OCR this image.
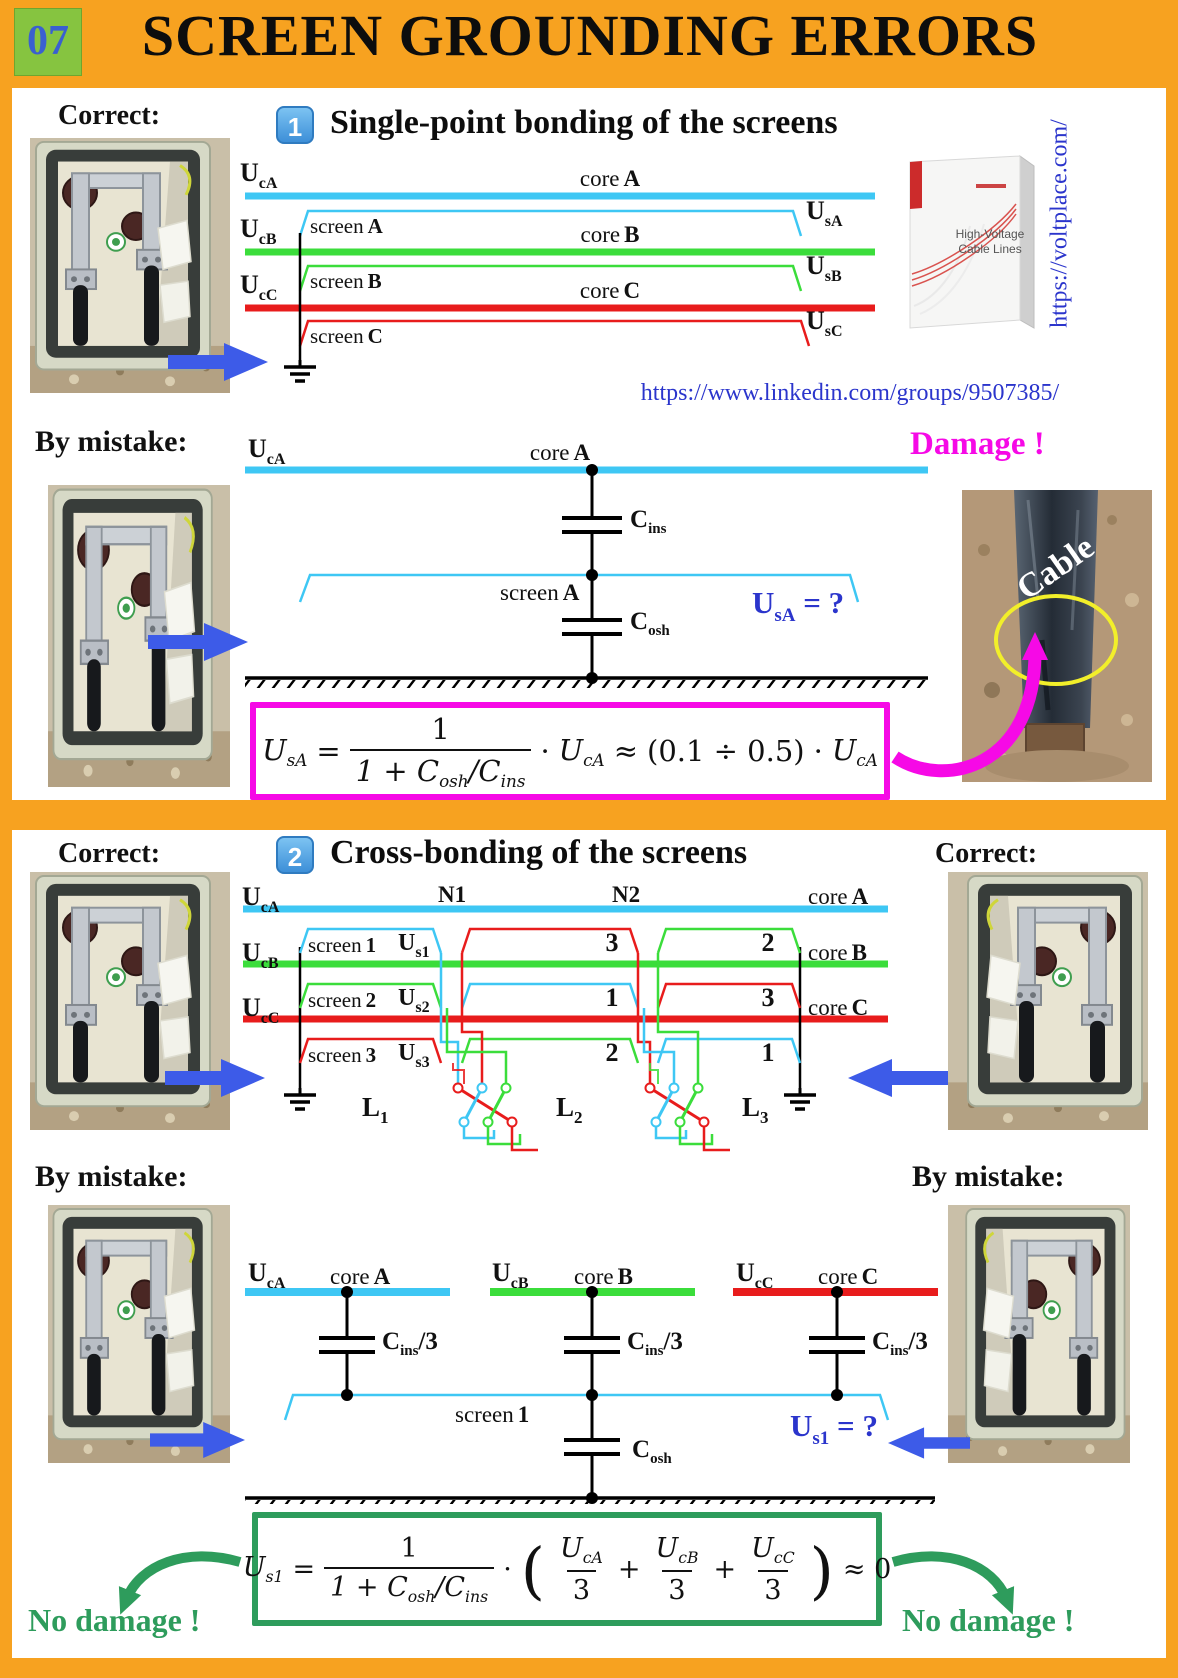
07	SCREEN GROUNDING ERRORS
Correct:	1 Single-point bonding of the screens
$U_{cA}$	core A
screen A
$U_{sA}$
$U_{cB}$	core B
screen B
$U_{sB}$
$U_{cC}$	core C
screen C
$U_{sC}$
High-Voltage
Cable Lines https://voltplace.com/
https://www.linkedin.com/groups/9507385/
By mistake: $U_{cA}$	core A
$C_{ins}$
screen A
$C_{osh}$
$U_{sA}$ = ?
Damage !
Cable
$U_{sA} = \frac{1}{1 + C_{osh}/C_{ins}} \cdot U_{cA} \approx (0.1 \div 0.5) \cdot U_{cA}$
Correct:	Correct:
2 Cross-bonding of the screens
3
1
2
2
3
1
$U_{cA}$
N1	N2	core A
$U_{cB}$	core B
$U_{cC}$	core C
screen 1 $U_{s1}$
screen 2 $U_{s2}$
screen 3 $U_{s3}$
$L_1$	$L_2$	$L_3$
By mistake:	By mistake:
$U_{cA}$ core A	$U_{cB}$ core B	$U_{cC}$ core C
$C_{ins}/3$	$C_{ins}/3$	$C_{ins}/3$
screen 1
$C_{osh}$
$U_{s1}$ = ?
$U_{s1} = \frac{1}{1 + C_{osh}/C_{ins}}$ · ( $\frac{U_{cA}}{3} + \frac{U_{cB}}{3} + \frac{U_{cC}}{3}$ ) ≈ 0
No damage !	No damage !
